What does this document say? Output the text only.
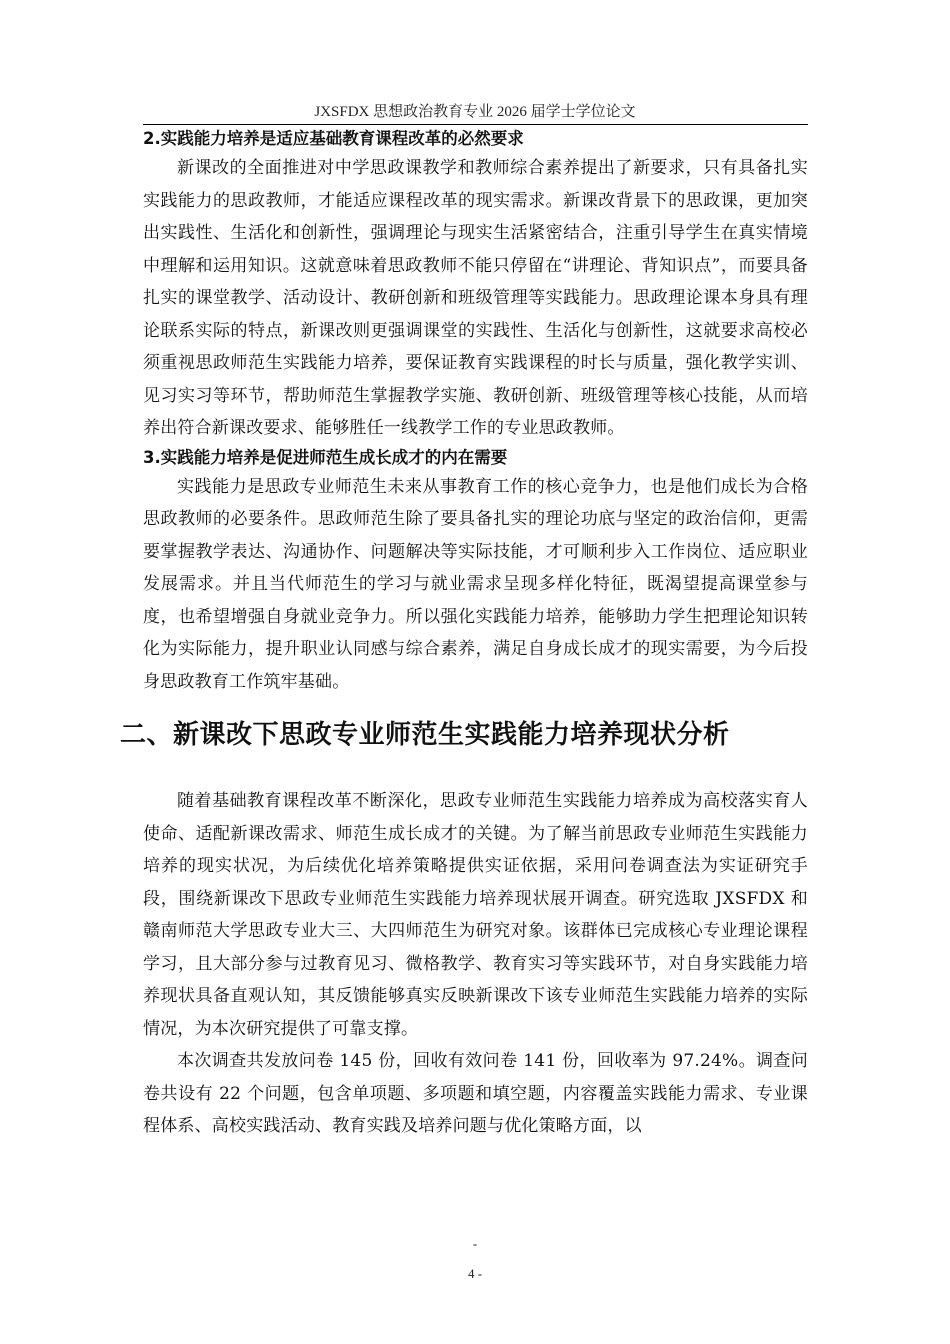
JXSFDX 思想政治教育专业 2026 届学士学位论文
2.实践能力培养是适应基础教育课程改革的必然要求

新课改的全面推进对中学思政课教学和教师综合素养提出了新要求，只有具备扎实实践能力的思政教师，才能适应课程改革的现实需求。新课改背景下的思政课，更加突出实践性、生活化和创新性，强调理论与现实生活紧密结合，注重引导学生在真实情境中理解和运用知识。这就意味着思政教师不能只停留在“讲理论、背知识点”，而要具备扎实的课堂教学、活动设计、教研创新和班级管理等实践能力。思政理论课本身具有理论联系实际的特点，新课改则更强调课堂的实践性、生活化与创新性，这就要求高校必须重视思政师范生实践能力培养，要保证教育实践课程的时长与质量，强化教学实训、见习实习等环节，帮助师范生掌握教学实施、教研创新、班级管理等核心技能，从而培养出符合新课改要求、能够胜任一线教学工作的专业思政教师。

3.实践能力培养是促进师范生成长成才的内在需要

实践能力是思政专业师范生未来从事教育工作的核心竞争力，也是他们成长为合格思政教师的必要条件。思政师范生除了要具备扎实的理论功底与坚定的政治信仰，更需要掌握教学表达、沟通协作、问题解决等实际技能，才可顺利步入工作岗位、适应职业发展需求。并且当代师范生的学习与就业需求呈现多样化特征，既渴望提高课堂参与度，也希望增强自身就业竞争力。所以强化实践能力培养，能够助力学生把理论知识转化为实际能力，提升职业认同感与综合素养，满足自身成长成才的现实需要，为今后投身思政教育工作筑牢基础。

二、新课改下思政专业师范生实践能力培养现状分析

随着基础教育课程改革不断深化，思政专业师范生实践能力培养成为高校落实育人使命、适配新课改需求、师范生成长成才的关键。为了解当前思政专业师范生实践能力培养的现实状况，为后续优化培养策略提供实证依据，采用问卷调查法为实证研究手段，围绕新课改下思政专业师范生实践能力培养现状展开调查。研究选取 JXSFDX 和赣南师范大学思政专业大三、大四师范生为研究对象。该群体已完成核心专业理论课程学习，且大部分参与过教育见习、微格教学、教育实习等实践环节，对自身实践能力培养现状具备直观认知，其反馈能够真实反映新课改下该专业师范生实践能力培养的实际情况，为本次研究提供了可靠支撑。

本次调查共发放问卷 145 份，回收有效问卷 141 份，回收率为 97.24%。调查问卷共设有 22 个问题，包含单项题、多项题和填空题，内容覆盖实践能力需求、专业课程体系、高校实践活动、教育实践及培养问题与优化策略方面，以

-
4 -
